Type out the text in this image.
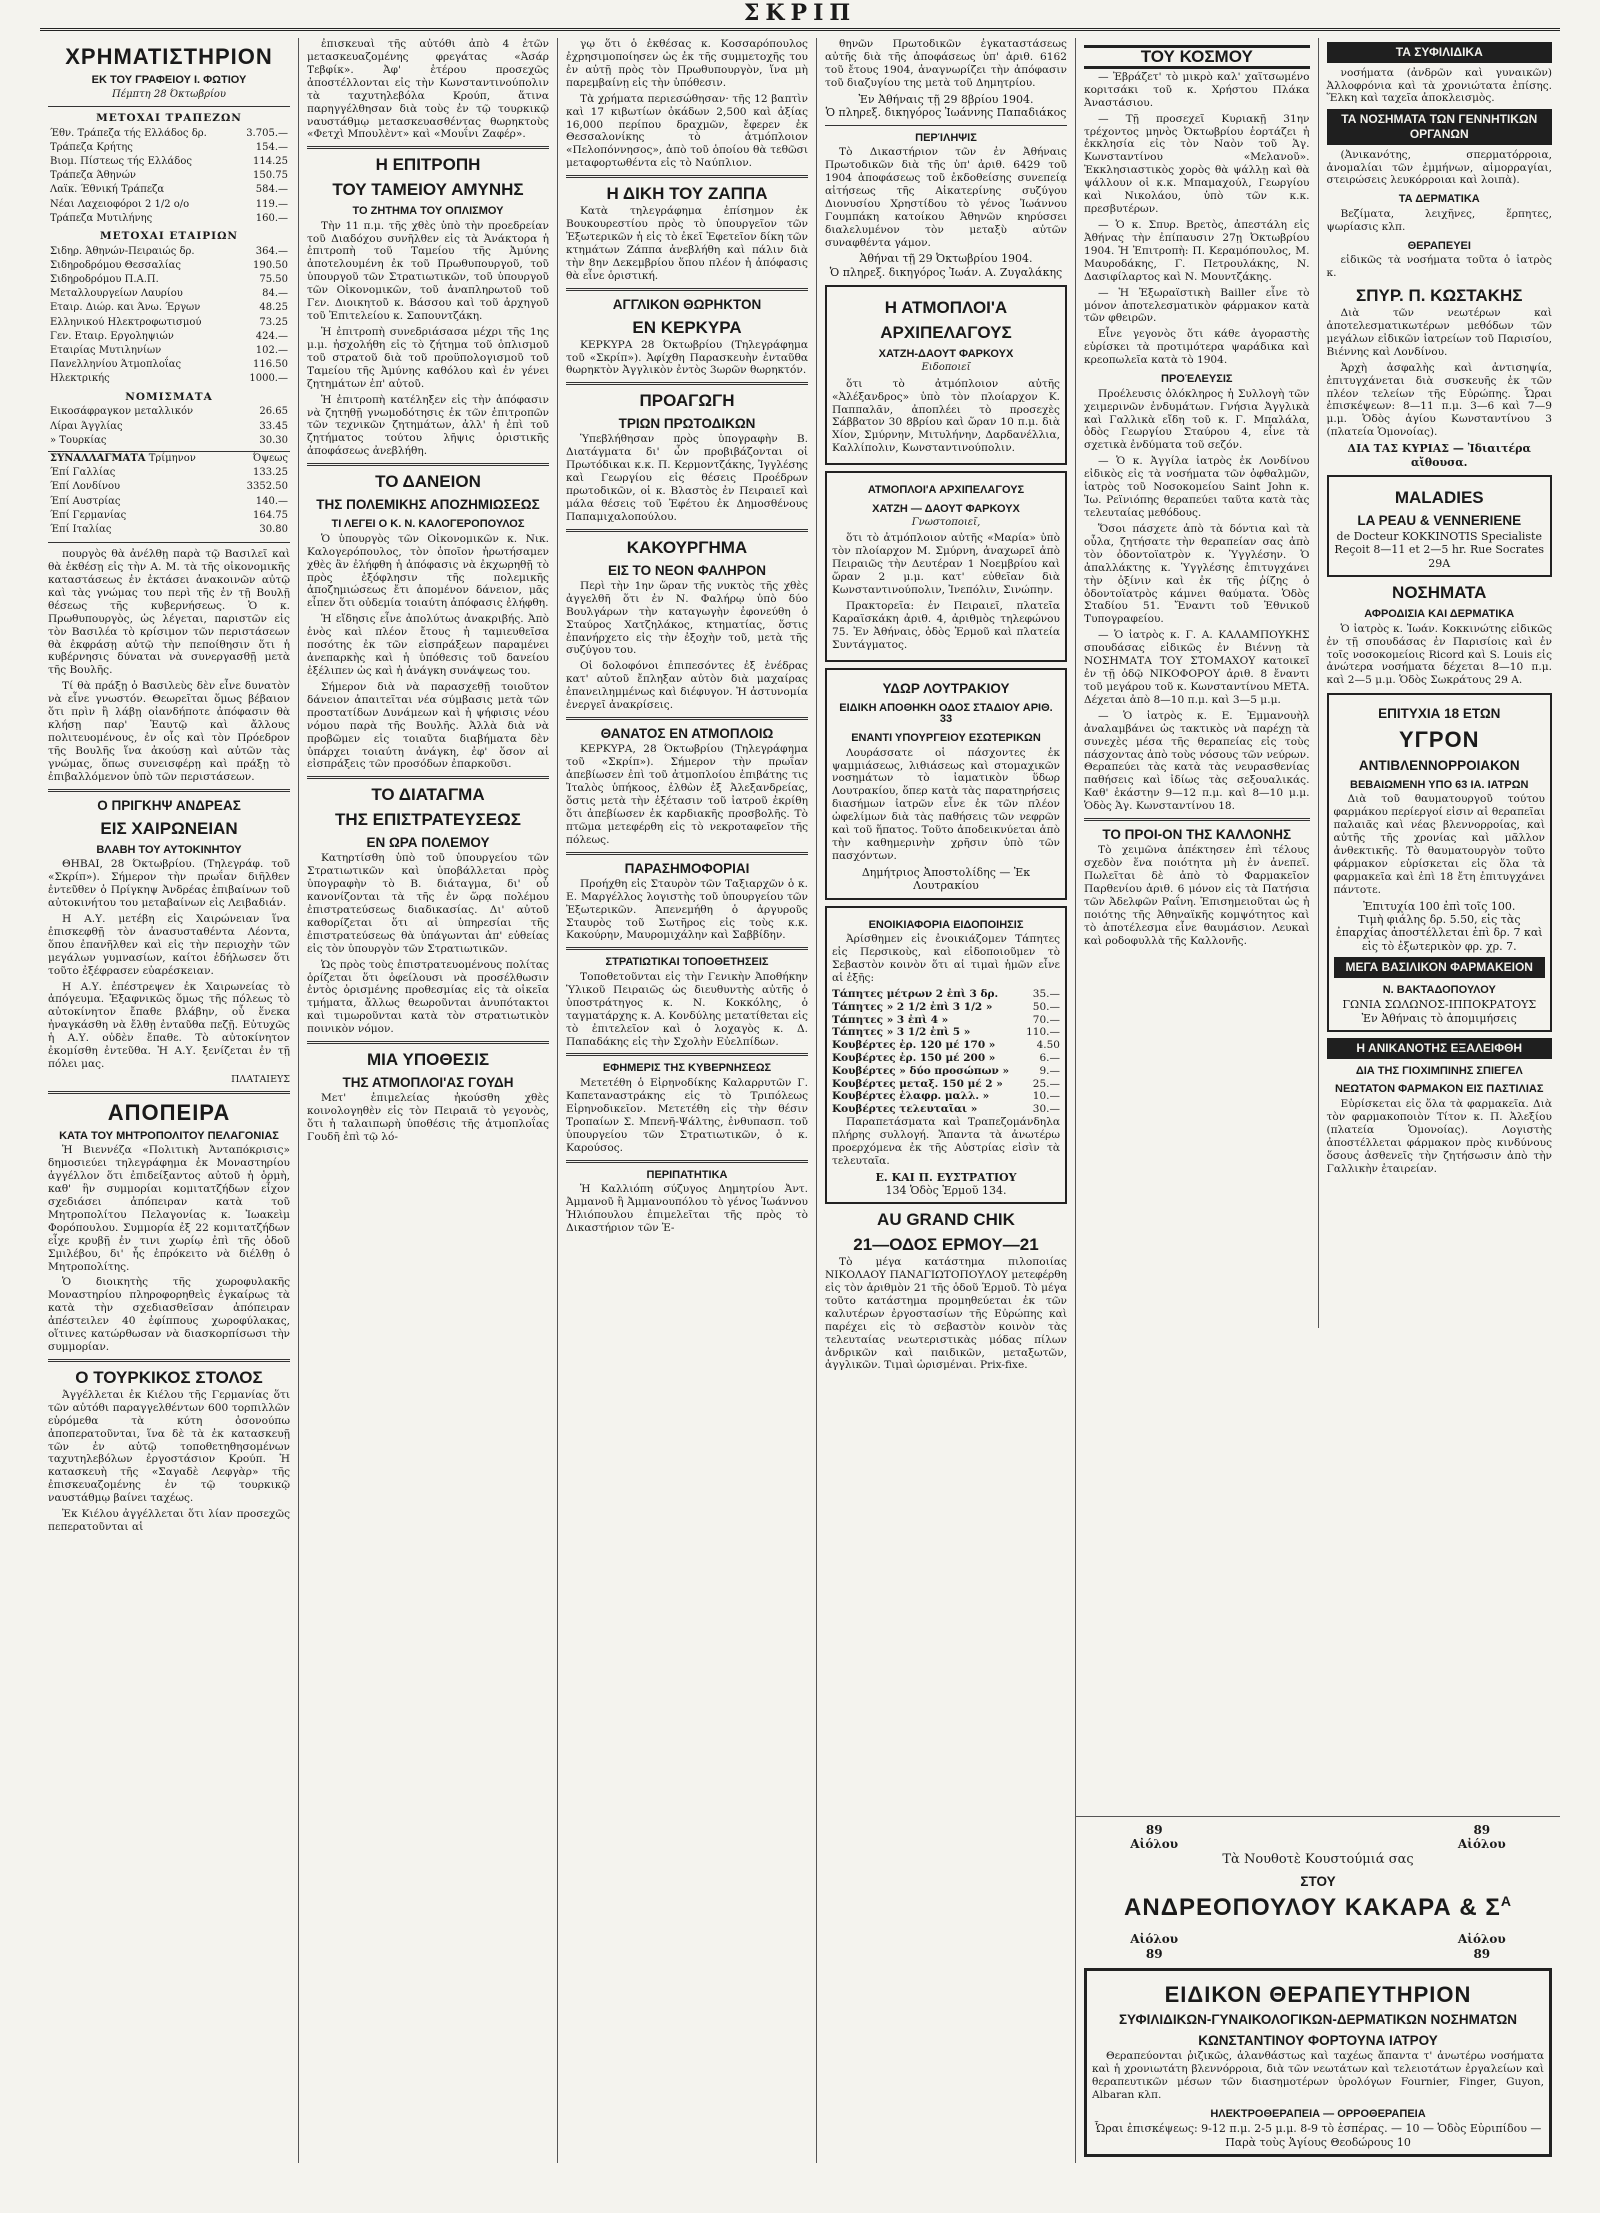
ΣΚΡΙΠ
ΧΡΗΜΑΤΙΣΤΗΡΙΟΝ
ΕΚ ΤΟΥ ΓΡΑΦΕΙΟΥ Ι. ΦΩΤΙΟΥ
Πέμπτη 28 Όκτωβρίου
ΜΕΤΟΧΑΙ ΤΡΑΠΕΖΩΝ
Έθν. Τράπεζα τής Ελλάδος δρ.	3.705.—
Τράπεζα Κρήτης	154.—
Βιομ. Πίστεως τής Ελλάδος	114.25
Τράπεζα Άθηνών	150.75
Λαϊκ. Έθνική Τράπεζα	584.—
Νέαι Λαχειοφόροι 2 1/2 ο/ο	119.—
Τράπεζα Μυτιλήνης	160.—
ΜΕΤΟΧΑΙ ΕΤΑΙΡΙΩΝ
Σιδηρ. Άθηνών-Πειραιώς δρ.	364.—
Σιδηροδρόμου Θεσσαλίας	190.50
Σιδηροδρόμου Π.Α.Π.	75.50
Μεταλλουργείων Λαυρίου	84.—
Εταιρ. Διώρ. και Άνω. Έργων	48.25
Ελληνικού Ηλεκτροφωτισμού	73.25
Γεν. Εταιρ. Εργοληψιών	424.—
Εταιρίας Μυτιληνίων	102.—
Πανελληνίου Άτμοπλοΐας	116.50
Ηλεκτρικής	1000.—
ΝΟΜΙΣΜΑΤΑ
Εικοσάφραγκον μεταλλικόν	26.65
Λίραι Άγγλίας	33.45
» Τουρκίας	30.30
ΣΥΝΑΛΛΑΓΜΑΤΑ Τρίμηνον	Όψεως
Έπί Γαλλίας	133.25
Έπί Λονδίνου	3352.50
Έπί Αυστρίας	140.—
Έπί Γερμανίας	164.75
Έπί Ιταλίας	30.80

πουργὸς θὰ ἀνέλθῃ παρὰ τῷ Βασιλεῖ καὶ θὰ ἐκθέσῃ εἰς τὴν Α. Μ. τὰ τῆς οἰκονομικῆς καταστάσεως ἐν ἐκτάσει ἀνακοινῶν αὐτῷ καὶ τὰς γνώμας του περὶ τῆς ἐν τῇ Βουλῇ θέσεως τῆς κυβερνήσεως. Ὁ κ. Πρωθυπουργὸς, ὡς λέγεται, παριστῶν εἰς τὸν Βασιλέα τὸ κρίσιμον τῶν περιστάσεων θὰ ἐκφράσῃ αὐτῷ τὴν πεποίθησιν ὅτι ἡ κυβέρνησις δύναται νὰ συνεργασθῇ μετὰ τῆς Βουλῆς.

Τί θὰ πράξῃ ὁ Βασιλεὺς δὲν εἶνε δυνατὸν νὰ εἶνε γνωστόν. Θεωρεῖται ὅμως βέβαιον ὅτι πρὶν ἢ λάβῃ οἱανδήποτε ἀπόφασιν θὰ κλήσῃ παρ' Ἑαυτῷ καὶ ἄλλους πολιτευομένους, ἐν οἷς καὶ τὸν Πρόεδρον τῆς Βουλῆς ἵνα ἀκούσῃ καὶ αὐτῶν τὰς γνώμας, ὅπως συνεισφέρῃ καὶ πράξῃ τὸ ἐπιβαλλόμενον ὑπὸ τῶν περιστάσεων.

Ο ΠΡΙΓΚΗΨ ΑΝΔΡΕΑΣ
ΕΙΣ ΧΑΙΡΩΝΕΙΑΝ
ΒΛΑΒΗ ΤΟΥ ΑΥΤΟΚΙΝΗΤΟΥ

ΘΗΒΑΙ, 28 Όκτωβρίου. (Τηλεγράφ. τοῦ «Σκρίπ»). Σήμερον τὴν πρωΐαν διῆλθεν ἐντεῦθεν ὁ Πρίγκηψ Ἀνδρέας ἐπιβαίνων τοῦ αὐτοκινήτου του μεταβαίνων εἰς Λειβαδιάν.

Η Α.Υ. μετέβη εἰς Χαιρώνειαν ἵνα ἐπισκεφθῇ τὸν ἀνασυσταθέντα Λέοντα, ὅπου ἐπανῆλθεν καὶ εἰς τὴν περιοχὴν τῶν μεγάλων γυμνασίων, καίτοι ἐδήλωσεν ὅτι τοῦτο ἐξέφρασεν εὐαρέσκειαν.

Η Α.Υ. ἐπέστρεψεν ἐκ Χαιρωνείας τὸ ἀπόγευμα. Ἐξαφνικῶς ὅμως τῆς πόλεως τὸ αὐτοκίνητον ἔπαθε βλάβην, οὗ ἕνεκα ἠναγκάσθη νὰ ἔλθῃ ἐνταῦθα πεζῇ. Εὐτυχῶς ἡ Α.Υ. οὐδὲν ἔπαθε. Τὸ αὐτοκίνητον ἐκομίσθη ἐντεῦθα. Ἡ Α.Υ. ξενίζεται ἐν τῇ πόλει μας.

ΠΛΑΤΑΙΕΥΣ
ΑΠΟΠΕΙΡΑ
ΚΑΤΑ ΤΟΥ ΜΗΤΡΟΠΟΛΙΤΟΥ ΠΕΛΑΓΟΝΙΑΣ

Ἡ Βιεννέζα «Πολιτικὴ Ἀνταπόκρισις» δημοσιεύει τηλεγράφημα ἐκ Μοναστηρίου ἀγγέλλον ὅτι ἐπιδείξαντος αὐτοῦ ἡ ὁρμὴ, καθ' ἣν συμμορίαι κομιτατζήδων εἶχον σχεδιάσει ἀπόπειραν κατὰ τοῦ Μητροπολίτου Πελαγονίας κ. Ἰωακεὶμ Φορόπουλου. Συμμορία ἐξ 22 κομιτατζήδων εἶχε κρυβῇ ἐν τινι χωρίῳ ἐπὶ τῆς ὁδοῦ Σμιλέβου, δι' ἧς ἐπρόκειτο νὰ διέλθῃ ὁ Μητροπολίτης.

Ὁ διοικητὴς τῆς χωροφυλακῆς Μοναστηρίου πληροφορηθεὶς ἐγκαίρως τὰ κατὰ τὴν σχεδιασθεῖσαν ἀπόπειραν ἀπέστειλεν 40 ἐφίππους χωροφύλακας, οἵτινες κατώρθωσαν νὰ διασκορπίσωσι τὴν συμμορίαν.

Ο ΤΟΥΡΚΙΚΟΣ ΣΤΟΛΟΣ

Ἀγγέλλεται ἐκ Κιέλου τῆς Γερμανίας ὅτι τῶν αὐτόθι παραγγελθέντων 600 τορπιλλῶν εὑρόμεθα τὰ κύτη ὁσονούπω ἀποπερατοῦνται, ἵνα δὲ τὰ ἐκ κατασκευῇ τῶν ἐν αὐτῷ τοποθετηθησομένων ταχυτηλεβόλων ἐργοστάσιον Κρούπ. Ἡ κατασκευὴ τῆς «Σαγαδὲ Λεφγὰρ» τῆς ἐπισκευαζομένης ἐν τῷ τουρκικῷ ναυστάθμῳ βαίνει ταχέως.

Ἐκ Κιέλου ἀγγέλλεται ὅτι λίαν προσεχῶς πεπερατοῦνται αἱ

ἐπισκευαὶ τῆς αὐτόθι ἀπὸ 4 ἐτῶν μετασκευαζομένης φρεγάτας «Ἀσάρ Τεβφίκ». Ἀφ' ἑτέρου προσεχῶς ἀποστέλλονται εἰς τὴν Κωνσταντινούπολιν τὰ ταχυτηλεβόλα Κρούπ, ἅτινα παρηγγέλθησαν διὰ τοὺς ἐν τῷ τουρκικῷ ναυστάθμῳ μετασκευασθέντας θωρηκτοὺς «Φετχὶ Μπουλὲντ» καὶ «Μουΐνι Ζαφέρ».

Η ΕΠΙΤΡΟΠΗ
ΤΟΥ ΤΑΜΕΙΟΥ ΑΜΥΝΗΣ
ΤΟ ΖΗΤΗΜΑ ΤΟΥ ΟΠΛΙΣΜΟΥ

Τὴν 11 π.μ. τῆς χθὲς ὑπὸ τὴν προεδρείαν τοῦ Διαδόχου συνῆλθεν εἰς τὰ Ἀνάκτορα ἡ ἐπιτροπὴ τοῦ Ταμείου τῆς Ἀμύνης ἀποτελουμένη ἐκ τοῦ Πρωθυπουργοῦ, τοῦ ὑπουργοῦ τῶν Στρατιωτικῶν, τοῦ ὑπουργοῦ τῶν Οἰκονομικῶν, τοῦ ἀναπληρωτοῦ τοῦ Γεν. Διοικητοῦ κ. Βάσσου καὶ τοῦ ἀρχηγοῦ τοῦ Ἐπιτελείου κ. Σαπουντζάκη.

Ἡ ἐπιτροπὴ συνεδριάσασα μέχρι τῆς 1ης μ.μ. ἠσχολήθη εἰς τὸ ζήτημα τοῦ ὁπλισμοῦ τοῦ στρατοῦ διὰ τοῦ προϋπολογισμοῦ τοῦ Ταμείου τῆς Ἀμύνης καθόλου καὶ ἐν γένει ζητημάτων ἐπ' αὐτοῦ.

Ἡ ἐπιτροπὴ κατέληξεν εἰς τὴν ἀπόφασιν νὰ ζητηθῇ γνωμοδότησις ἐκ τῶν ἐπιτροπῶν τῶν τεχνικῶν ζητημάτων, ἀλλ' ἡ ἐπὶ τοῦ ζητήματος τούτου λῆψις ὁριστικῆς ἀποφάσεως ἀνεβλήθη.

ΤΟ ΔΑΝΕΙΟΝ
ΤΗΣ ΠΟΛΕΜΙΚΗΣ ΑΠΟΖΗΜΙΩΣΕΩΣ
ΤΙ ΛΕΓΕΙ Ο Κ. Ν. ΚΑΛΟΓΕΡΟΠΟΥΛΟΣ

Ὁ ὑπουργὸς τῶν Οἰκονομικῶν κ. Νικ. Καλογερόπουλος, τὸν ὁποῖον ἠρωτήσαμεν χθὲς ἂν ἐλήφθη ἡ ἀπόφασις νὰ ἐκχωρηθῇ τὸ πρὸς ἐξόφλησιν τῆς πολεμικῆς ἀποζημιώσεως ἔτι ἀπομένον δάνειον, μᾶς εἶπεν ὅτι οὐδεμία τοιαύτη ἀπόφασις ἐλήφθη.

Ἡ εἴδησις εἶνε ἀπολύτως ἀνακριβής. Ἀπὸ ἑνὸς καὶ πλέον ἔτους ἡ ταμιευθεῖσα ποσότης ἐκ τῶν εἰσπράξεων παραμένει ἀνεπαρκὴς καὶ ἡ ὑπόθεσις τοῦ δανείου ἐξέλιπεν ὡς καὶ ἡ ἀνάγκη συνάψεως του.

Σήμερον διὰ νὰ παρασχεθῇ τοιοῦτον δάνειον ἀπαιτεῖται νέα σύμβασις μετὰ τῶν προστατίδων Δυνάμεων καὶ ἡ ψήφισις νέου νόμου παρὰ τῆς Βουλῆς. Ἀλλὰ διὰ νὰ προβῶμεν εἰς τοιαῦτα διαβήματα δὲν ὑπάρχει τοιαύτη ἀνάγκη, ἐφ' ὅσον αἱ εἰσπράξεις τῶν προσόδων ἐπαρκοῦσι.

ΤΟ ΔΙΑΤΑΓΜΑ
ΤΗΣ ΕΠΙΣΤΡΑΤΕΥΣΕΩΣ
ΕΝ ΩΡΑ ΠΟΛΕΜΟΥ

Κατηρτίσθη ὑπὸ τοῦ ὑπουργείου τῶν Στρατιωτικῶν καὶ ὑποβάλλεται πρὸς ὑπογραφὴν τὸ Β. διάταγμα, δι' οὗ κανονίζονται τὰ τῆς ἐν ὥρᾳ πολέμου ἐπιστρατεύσεως διαδικασίας. Δι' αὐτοῦ καθορίζεται ὅτι αἱ ὑπηρεσίαι τῆς ἐπιστρατεύσεως θὰ ὑπάγωνται ἀπ' εὐθείας εἰς τὸν ὑπουργὸν τῶν Στρατιωτικῶν.

Ὡς πρὸς τοὺς ἐπιστρατευομένους πολίτας ὁρίζεται ὅτι ὁφείλουσι νὰ προσέλθωσιν ἐντὸς ὁρισμένης προθεσμίας εἰς τὰ οἰκεῖα τμήματα, ἄλλως θεωροῦνται ἀνυπότακτοι καὶ τιμωροῦνται κατὰ τὸν στρατιωτικὸν ποινικὸν νόμον.

ΜΙΑ ΥΠΟΘΕΣΙΣ
ΤΗΣ ΑΤΜΟΠΛΟΙ'ΑΣ ΓΟΥΔΗ

Μετ' ἐπιμελείας ἠκούσθη χθὲς κοινολογηθὲν εἰς τὸν Πειραιᾶ τὸ γεγονὸς, ὅτι ἡ ταλαιπωρὴ ὑποθέσις τῆς ἀτμοπλοΐας Γουδῆ ἐπὶ τῷ λό-

γῳ ὅτι ὁ ἐκθέσας κ. Κοσσαρόπουλος ἐχρησιμοποίησεν ὡς ἐκ τῆς συμμετοχῆς του ἐν αὐτῇ πρὸς τὸν Πρωθυπουργὸν, ἵνα μὴ παρεμβαίνῃ εἰς τὴν ὑπόθεσιν.

Τὰ χρήματα περιεσώθησαν· τῆς 12 βαπτὶν καὶ 17 κιβωτίων ὀκάδων 2,500 καὶ ἀξίας 16,000 περίπου δραχμῶν, ἔφερεν ἐκ Θεσσαλονίκης τὸ ἀτμόπλοιον «Πελοπόννησος», ἀπὸ τοῦ ὁποίου θὰ τεθῶσι μεταφορτωθέντα εἰς τὸ Ναύπλιον.

Η ΔΙΚΗ ΤΟΥ ΖΑΠΠΑ

Κατὰ τηλεγράφημα ἐπίσημον ἐκ Βουκουρεστίου πρὸς τὸ ὑπουργεῖον τῶν Ἐξωτερικῶν ἡ εἰς τὸ ἐκεῖ Ἐφετεῖον δίκη τῶν κτημάτων Ζάππα ἀνεβλήθη καὶ πάλιν διὰ τὴν 8ην Δεκεμβρίου ὅπου πλέον ἡ ἀπόφασις θὰ εἶνε ὁριστική.

ΑΓΓΛΙΚΟΝ ΘΩΡΗΚΤΟΝ
ΕΝ ΚΕΡΚΥΡΑ

ΚΕΡΚΥΡΑ 28 Όκτωβρίου (Τηλεγράφημα τοῦ «Σκρίπ»). Ἀφίχθη Παρασκευὴν ἐνταῦθα θωρηκτὸν Ἀγγλικὸν ἐντὸς 3ωρῶν θωρηκτόν.

ΠΡΟΑΓΩΓΗ
ΤΡΙΩΝ ΠΡΩΤΟΔΙΚΩΝ

Ὑπεβλήθησαν πρὸς ὑπογραφὴν Β. Διατάγματα δι' ὧν προβιβάζονται οἱ Πρωτόδικαι κ.κ. Π. Κερμοντζάκης, Ἰγγλέσης καὶ Γεωργίου εἰς θέσεις Προέδρων πρωτοδικῶν, οἱ κ. Βλαστὸς ἐν Πειραιεῖ καὶ μάλα θέσεις τοῦ Ἐφέτου ἐκ Δημοσθένους Παπαμιχαλοπούλου.

ΚΑΚΟΥΡΓΗΜΑ
ΕΙΣ ΤΟ ΝΕΟΝ ΦΑΛΗΡΟΝ

Περὶ τὴν 1ην ὥραν τῆς νυκτὸς τῆς χθὲς ἀγγελθῆ ὅτι ἐν Ν. Φαλήρῳ ὑπὸ δύο Βουλγάρων τὴν καταγωγὴν ἐφονεύθη ὁ Σταύρος Χατζηλάκος, κτηματίας, ὅστις ἐπανήρχετο εἰς τὴν ἐξοχὴν τοῦ, μετὰ τῆς συζύγου του.

Οἱ δολοφόνοι ἐπιπεσόντες ἐξ ἐνέδρας κατ' αὐτοῦ ἔπληξαν αὐτὸν διὰ μαχαίρας ἐπανειλημμένως καὶ διέφυγον. Ἡ ἀστυνομία ἐνεργεῖ ἀνακρίσεις.

ΘΑΝΑΤΟΣ ΕΝ ΑΤΜΟΠΛΟΙΩ

ΚΕΡΚΥΡΑ, 28 Όκτωβρίου (Τηλεγράφημα τοῦ «Σκρίπ»). Σήμερον τὴν πρωΐαν ἀπεβίωσεν ἐπὶ τοῦ ἀτμοπλοίου ἐπιβάτης τις Ἰταλὸς ὑπήκοος, ἐλθὼν ἐξ Ἀλεξανδρείας, ὅστις μετὰ τὴν ἐξέτασιν τοῦ ἰατροῦ ἐκρίθη ὅτι ἀπεβίωσεν ἐκ καρδιακῆς προσβολῆς. Τὸ πτῶμα μετεφέρθη εἰς τὸ νεκροταφεῖον τῆς πόλεως.

ΠΑΡΑΣΗΜΟΦΟΡΙΑΙ

Προήχθη εἰς Σταυρὸν τῶν Ταξιαρχῶν ὁ κ. Ε. Μαργέλλος λογιστὴς τοῦ ὑπουργείου τῶν Ἐξωτερικῶν. Ἀπενεμήθη ὁ ἀργυροῦς Σταυρὸς τοῦ Σωτῆρος εἰς τοὺς κ.κ. Κακούρην, Μαυρομιχάλην καὶ Σαββίδην.

ΣΤΡΑΤΙΩΤΙΚΑΙ ΤΟΠΟΘΕΤΗΣΕΙΣ

Τοποθετοῦνται εἰς τὴν Γενικὴν Ἀποθήκην Ὑλικοῦ Πειραιῶς ὡς διευθυντὴς αὐτῆς ὁ ὑποστράτηγος κ. Ν. Κοκκόλης, ὁ ταγματάρχης κ. Α. Κονδύλης μετατίθεται εἰς τὸ ἐπιτελεῖον καὶ ὁ λοχαγὸς κ. Δ. Παπαδάκης εἰς τὴν Σχολὴν Εὐελπίδων.

ΕΦΗΜΕΡΙΣ ΤΗΣ ΚΥΒΕΡΝΗΣΕΩΣ

Μετετέθη ὁ Εἰρηνοδίκης Καλαρρυτῶν Γ. Καπεταναστράκης εἰς τὸ Τριπόλεως Εἰρηνοδικεῖον. Μετετέθη εἰς τὴν θέσιν Τροπαίων Σ. Μπενῆ-Ψάλτης, ἐνθυπασπ. τοῦ ὑπουργείου τῶν Στρατιωτικῶν, ὁ κ. Καρούσος.

ΠΕΡΙΠΑΤΗΤΙΚΑ

Ἡ Καλλιόπη σύζυγος Δημητρίου Ἀντ. Ἀμμανοῦ ἢ Ἀμμανουπόλου τὸ γένος Ἰωάννου Ἠλιόπουλου ἐπιμελεῖται τῆς πρὸς τὸ Δικαστήριον τῶν Ἐ-

θηνῶν Πρωτοδικῶν ἐγκαταστάσεως αὐτῆς διὰ τῆς ἀποφάσεως ὑπ' ἀριθ. 6162 τοῦ ἔτους 1904, ἀναγνωρίζει τὴν ἀπόφασιν τοῦ διαζυγίου της μετὰ τοῦ Δημητρίου.

Ἐν Ἀθήναις τῇ 29 8βρίου 1904.
Ὁ πληρεξ. δικηγόρος Ἰωάννης Παπαδιάκος
ΠΕΡΊΛΗΨΙΣ

Τὸ Δικαστήριον τῶν ἐν Ἀθήναις Πρωτοδικῶν διὰ τῆς ὑπ' ἀριθ. 6429 τοῦ 1904 ἀποφάσεως τοῦ ἐκδοθείσης συνεπείᾳ αἰτήσεως τῆς Αἰκατερίνης συζύγου Διονυσίου Χρηστίδου τὸ γένος Ἰωάννου Γουμπάκη κατοίκου Ἀθηνῶν κηρύσσει διαλελυμένον τὸν μεταξὺ αὐτῶν συναφθέντα γάμον.

Ἀθήναι τῇ 29 Ὀκτωβρίου 1904.
Ὁ πληρεξ. δικηγόρος Ἰωάν. Α. Ζυγαλάκης
Η ΑΤΜΟΠΛΟΙ'Α
ΑΡΧΙΠΕΛΑΓΟΥΣ
ΧΑΤΖΗ-ΔΑΟΥΤ ΦΑΡΚΟΥΧ
Ειδοποιεῖ

ὅτι τὸ ἀτμόπλοιον αὐτῆς «Ἀλέξανδρος» ὑπὸ τὸν πλοίαρχον Κ. Παππαλᾶν, ἀποπλέει τὸ προσεχὲς Σάββατον 30 8βρίου καὶ ὥραν 10 π.μ. διὰ Χίον, Σμύρνην, Μιτυλήνην, Δαρδανέλλια, Καλλίπολιν, Κωνσταντινούπολιν.

ΑΤΜΟΠΛΟΙ'Α ΑΡΧΙΠΕΛΑΓΟΥΣ
ΧΑΤΖΗ — ΔΑΟΥΤ ΦΑΡΚΟΥΧ
Γνωστοποιεῖ,

ὅτι τὸ ἀτμόπλοιον αὐτῆς «Μαρία» ὑπὸ τὸν πλοίαρχον Μ. Σμύρνη, ἀναχωρεῖ ἀπὸ Πειραιῶς τὴν Δευτέραν 1 Νοεμβρίου καὶ ὥραν 2 μ.μ. κατ' εὐθεῖαν διὰ Κωνσταντινούπολιν, Ἰνεπόλιν, Σινώπην.

Πρακτορεῖα: ἐν Πειραιεῖ, πλατεῖα Καραϊσκάκη ἀριθ. 4, ἀριθμὸς τηλεφώνου 75. Ἐν Ἀθήναις, ὁδὸς Ἑρμοῦ καὶ πλατεία Συντάγματος.

ΥΔΩΡ ΛΟΥΤΡΑΚΙΟΥ
ΕΙΔΙΚΗ ΑΠΟΘΗΚΗ ΟΔΟΣ ΣΤΑΔΙΟΥ ΑΡΙΘ. 33
ΕΝΑΝΤΙ ΥΠΟΥΡΓΕΙΟΥ ΕΣΩΤΕΡΙΚΩΝ

Λουράσσατε οἱ πάσχοντες ἐκ ψαμμιάσεως, λιθιάσεως καὶ στομαχικῶν νοσημάτων τὸ ἰαματικὸν ὕδωρ Λουτρακίου, ὅπερ κατὰ τὰς παρατηρήσεις διασήμων ἰατρῶν εἶνε ἐκ τῶν πλέον ὠφελίμων διὰ τὰς παθήσεις τῶν νεφρῶν καὶ τοῦ ἥπατος. Τοῦτο ἀποδεικνύεται ἀπὸ τὴν καθημερινὴν χρῆσιν ὑπὸ τῶν πασχόντων.

Δημήτριος Ἀποστολίδης — Ἐκ Λουτρακίου
ΕΝΟΙΚΙΑΦΟΡΙΑ ΕΙΔΟΠΟΙΗΣΙΣ

Ἀρίσθημεν εἰς ἐνοικιάζομεν Τάπητες εἰς Περσικοὺς, καὶ εἰδοποιοῦμεν τὸ Σεβαστὸν κοινὸν ὅτι αἱ τιμαὶ ἡμῶν εἶνε αἱ ἑξῆς:

Τάπητες μέτρων 2 ἐπὶ 3 δρ.	35.—
Τάπητες » 2 1/2 ἐπὶ 3 1/2 »	50.—
Τάπητες » 3 ἐπὶ 4 »	70.—
Τάπητες » 3 1/2 ἐπὶ 5 »	110.—
Κουβέρτες ἐρ. 120 μέ 170 »	4.50
Κουβέρτες ἐρ. 150 μέ 200 »	6.—
Κουβέρτες » δύο προσώπων »	9.—
Κουβέρτες μεταξ. 150 μέ 2 »	25.—
Κουβέρτες ἐλαφρ. μαλλ. »	10.—
Κουβέρτες τελευταῖαι »	30.—

Παραπετάσματα καὶ Τραπεζομάνδηλα πλήρης συλλογή. Ἅπαντα τὰ ἀνωτέρω προερχόμενα ἐκ τῆς Αὐστρίας εἰσὶν τὰ τελευταῖα.

Ε. ΚΑΙ Π. ΕΥΣΤΡΑΤΙΟΥ
134 Ὁδὸς Ἑρμοῦ 134.
AU GRAND CHIK
21—ΟΔΟΣ ΕΡΜΟΥ—21

Τὸ μέγα κατάστημα πιλοποιίας ΝΙΚΟΛΑΟΥ ΠΑΝΑΓΙΩΤΟΠΟΥΛΟΥ μετεφέρθη εἰς τὸν ἀριθμὸν 21 τῆς ὁδοῦ Ἑρμοῦ. Τὸ μέγα τοῦτο κατάστημα προμηθεύεται ἐκ τῶν καλυτέρων ἐργοστασίων τῆς Εὐρώπης καὶ παρέχει εἰς τὸ σεβαστὸν κοινὸν τὰς τελευταίας νεωτεριστικὰς μόδας πίλων ἀνδρικῶν καὶ παιδικῶν, μεταξωτῶν, ἀγγλικῶν. Τιμαὶ ὡρισμέναι. Prix-fixe.

ΤΟΥ ΚΟΣΜΟΥ

— Ἐβράζετ' τὸ μικρὸ καλ' χαϊτσωμένο κοριτσάκι τοῦ κ. Χρήστου Πλάκα Ἀναστάσιου.

— Τῇ προσεχεῖ Κυριακῇ 31ην τρέχοντος μηνὸς Ὀκτωβρίου ἑορτάζει ἡ ἐκκλησία εἰς τὸν Ναὸν τοῦ Ἁγ. Κωνσταντίνου «Μελανοῦ». Ἐκκλησιαστικὸς χορὸς θὰ ψάλλῃ καὶ θὰ ψάλλουν οἱ κ.κ. Μπαμαχούλ, Γεωργίου καὶ Νικολάου, ὑπὸ τῶν κ.κ. πρεσβυτέρων.

— Ὁ κ. Σπυρ. Βρετὸς, ἀπεστάλη εἰς Ἀθήνας τὴν ἐπίπαυσιν 27ῃ Ὀκτωβρίου 1904. Ἡ Ἐπιτροπὴ: Π. Κεραμόπουλος, Μ. Μαυροδάκης, Γ. Πετρουλάκης, Ν. Δασιφίλαρτος καὶ Ν. Μουντζάκης.

— Ἡ Ἐξωραϊστικὴ Bailler εἶνε τὸ μόνον ἀποτελεσματικὸν φάρμακον κατὰ τῶν φθειρῶν.

Εἶνε γεγονὸς ὅτι κάθε ἀγοραστὴς εὑρίσκει τὰ προτιμότερα ψαράδικα καὶ κρεοπωλεῖα κατὰ τὸ 1904.

ΠΡΟΈΛΕΥΣΙΣ

Προέλευσις ὁλόκληρος ἡ Συλλογὴ τῶν χειμερινῶν ἐνδυμάτων. Γνήσια Ἀγγλικὰ καὶ Γαλλικὰ εἴδη τοῦ κ. Γ. Μπαλάλα, ὁδὸς Γεωργίου Σταύρου 4, εἶνε τὰ σχετικὰ ἐνδύματα τοῦ σεζόν.

— Ὁ κ. Ἀγγίλα ἰατρὸς ἐκ Λονδίνου εἰδικὸς εἰς τὰ νοσήματα τῶν ὀφθαλμῶν, ἰατρὸς τοῦ Νοσοκομείου Saint John κ. Ἰω. Ρεϊνιόπης θεραπεύει ταῦτα κατὰ τὰς τελευταίας μεθόδους.

Ὅσοι πάσχετε ἀπὸ τὰ δόντια καὶ τὰ οὖλα, ζητήσατε τὴν θεραπείαν σας ἀπὸ τὸν ὀδοντοϊατρὸν κ. Ὑγγλέσην. Ὁ ἀπαλλάκτης κ. Ὑγγλέσης ἐπιτυγχάνει τὴν ὀξίνιν καὶ ἐκ τῆς ῥίζης ὁ ὀδοντοϊατρὸς κάμνει θαύματα. Ὁδὸς Σταδίου 51. Ἔναντι τοῦ Ἐθνικοῦ Τυπογραφείου.

— Ὁ ἰατρὸς κ. Γ. Α. ΚΑΛΑΜΠΟΥΚΗΣ σπουδάσας εἰδικῶς ἐν Βιέννῃ τὰ ΝΟΣΗΜΑΤΑ ΤΟΥ ΣΤΟΜΑΧΟΥ κατοικεῖ ἐν τῇ ὁδῷ ΝΙΚΟΦΟΡΟΥ ἀριθ. 8 ἔναντι τοῦ μεγάρου τοῦ κ. Κωνσταντίνου ΜΕΤΑ. Δέχεται ἀπὸ 8—10 π.μ. καὶ 3—5 μ.μ.

— Ὁ ἰατρὸς κ. Ε. Ἐμμανουὴλ ἀναλαμβάνει ὡς τακτικὸς νὰ παρέχῃ τὰ συνεχὲς μέσα τῆς θεραπείας εἰς τοὺς πάσχοντας ἀπὸ τοὺς νόσους τῶν νεύρων. Θεραπεύει τὰς κατὰ τὰς νευρασθενίας παθήσεις καὶ ἰδίως τὰς σεξουαλικάς. Καθ' ἑκάστην 9—12 π.μ. καὶ 8—10 μ.μ. Ὁδὸς Ἁγ. Κωνσταντίνου 18.

ΤΟ ΠΡΟΙ-ΟΝ ΤΗΣ ΚΑΛΛΟΝΗΣ

Τὸ χειμῶνα ἀπέκτησεν ἐπὶ τέλους σχεδὸν ἕνα ποιότητα μὴ ἐν ἀνεπεῖ. Πωλεῖται δὲ ἀπὸ τὸ Φαρμακεῖον Παρθενίου ἀριθ. 6 μόνον εἰς τὰ Πατήσια τῶν Ἀδελφῶν Ραΐνη. Ἐπισημειοῦται ὡς ἡ ποιότης τῆς Ἀθηναϊκῆς κομψότητος καὶ τὸ ἀποτέλεσμα εἶνε θαυμάσιον. Λευκαὶ καὶ ροδοφυλλὰ τῆς Καλλονῆς.

ΤΑ ΣΥΦΙΛΙΔΙΚΑ

νοσήματα (ἀνδρῶν καὶ γυναικῶν) Ἀλλοφρόνια καὶ τὰ χρονιώτατα ἐπίσης. Ἕλκη καὶ ταχεῖα ἀποκλεισμὸς.

ΤΑ ΝΟΣΗΜΑΤΑ ΤΩΝ ΓΕΝΝΗΤΙΚΩΝ ΟΡΓΑΝΩΝ

(Ἀνικανότης, σπερματόρροια, ἀνομαλίαι τῶν ἐμμήνων, αἱμορραγίαι, στειρώσεις λευκόρροιαι καὶ λοιπὰ).

ΤΑ ΔΕΡΜΑΤΙΚΑ

Βεζίματα, λειχῆνες, ἕρπητες, ψωρίασις κλπ.

ΘΕΡΑΠΕΥΕΙ

εἰδικῶς τὰ νοσήματα τοῦτα ὁ ἰατρὸς κ.

ΣΠΥΡ. Π. ΚΩΣΤΑΚΗΣ

Διὰ τῶν νεωτέρων καὶ ἀποτελεσματικωτέρων μεθόδων τῶν μεγάλων εἰδικῶν ἰατρείων τοῦ Παρισίου, Βιέννης καὶ Λονδίνου.

Ἀρχὴ ἀσφαλὴς καὶ ἀντισηψία, ἐπιτυγχάνεται διὰ συσκευῆς ἐκ τῶν πλέον τελείων τῆς Εὐρώπης. Ὧραι ἐπισκέψεων: 8—11 π.μ. 3—6 καὶ 7—9 μ.μ. Ὁδὸς ἁγίου Κωνσταντίνου 3 (πλατεία Ὁμονοίας).

ΔΙΑ ΤΑΣ ΚΥΡΙΑΣ — Ἰδιαιτέρα αἴθουσα.
MALADIES
LA PEAU & VENNERIENE
de Docteur KOKKINOTIS Specialiste
Reçoit 8—11 et 2—5 hr. Rue Socrates 29A
ΝΟΣΗΜΑΤΑ
ΑΦΡΟΔΙΣΙΑ ΚΑΙ ΔΕΡΜΑΤΙΚΑ

Ὁ ἰατρὸς κ. Ἰωάν. Κοκκινώτης εἰδικῶς ἐν τῇ σπουδάσας ἐν Παρισίοις καὶ ἐν τοῖς νοσοκομείοις Ricord καὶ S. Louis εἰς ἀνώτερα νοσήματα δέχεται 8—10 π.μ. καὶ 2—5 μ.μ. Ὁδὸς Σωκράτους 29 Α.

ΕΠΙΤΥΧΙΑ 18 ΕΤΩΝ
ΥΓΡΟΝ
ΑΝΤΙΒΛΕΝΝΟΡΡΟΙΑΚΟΝ
ΒΕΒΑΙΩΜΕΝΗ ΥΠΟ 63 ΙΑ. ΙΑΤΡΩΝ

Διὰ τοῦ θαυματουργοῦ τούτου φαρμάκου περίεργοί εἰσιν αἱ θεραπεῖαι παλαιᾶς καὶ νέας βλεννορροίας, καὶ αὐτῆς τῆς χρονίας καὶ μᾶλλον ἀνθεκτικῆς. Τὸ θαυματουργὸν τοῦτο φάρμακον εὑρίσκεται εἰς ὅλα τὰ φαρμακεῖα καὶ ἐπὶ 18 ἔτη ἐπιτυγχάνει πάντοτε.

Ἐπιτυχία 100 ἐπὶ τοῖς 100.
Τιμὴ φιάλης δρ. 5.50, εἰς τὰς ἐπαρχίας ἀποστέλλεται ἐπὶ δρ. 7 καὶ εἰς τὸ ἐξωτερικὸν φρ. χρ. 7.
ΜΕΓΑ ΒΑΣΙΛΙΚΟΝ ΦΑΡΜΑΚΕΙΟΝ
Ν. ΒΑΚΤΑΔΟΠΟΥΛΟΥ
ΓΩΝΙΑ ΣΩΛΩΝΟΣ-ΙΠΠΟΚΡΑΤΟΥΣ
Ἐν Ἀθήναις τὸ ἀπομιμήσεις
Η ΑΝΙΚΑΝΟΤΗΣ ΕΞΑΛΕΙΦΘΗ
ΔΙΑ ΤΗΣ ΓΙΟΧΙΜΠΙΝΗΣ ΣΠΙΕΓΕΛ
ΝΕΩΤΑΤΟΝ ΦΑΡΜΑΚΟΝ ΕΙΣ ΠΑΣΤΙΛΙΑΣ

Εὑρίσκεται εἰς ὅλα τὰ φαρμακεῖα. Διὰ τὸν φαρμακοποιὸν Τίτον κ. Π. Ἀλεξίου (πλατεία Ὁμονοίας). Λογιστὴς ἀποστέλλεται φάρμακον πρὸς κινδύνους ὅσους ἀσθενεῖς τὴν ζητήσωσιν ἀπὸ τὴν Γαλλικὴν ἑταιρείαν.

89
Αἰόλου
89
Αἰόλου
Τὰ Νουθοτὲ Κουστούμιά σας
ΣΤΟΥ
ΑΝΔΡΕΟΠΟΥΛΟΥ ΚΑΚΑΡΑ & $\Sigma^A$
Αἰόλου
89
Αἰόλου
89
ΕΙΔΙΚΟΝ ΘΕΡΑΠΕΥΤΗΡΙΟΝ
ΣΥΦΙΛΙΔΙΚΩΝ-ΓΥΝΑΙΚΟΛΟΓΙΚΩΝ-ΔΕΡΜΑΤΙΚΩΝ ΝΟΣΗΜΑΤΩΝ
ΚΩΝΣΤΑΝΤΙΝΟΥ ΦΟΡΤΟΥΝΑ ΙΑΤΡΟΥ

Θεραπεύονται ῥιζικῶς, ἀλανθάστως καὶ ταχέως ἅπαντα τ' ἀνωτέρω νοσήματα καὶ ἡ χρονιωτάτη βλεννόρροια, διὰ τῶν νεωτάτων καὶ τελειοτάτων ἐργαλείων καὶ θεραπευτικῶν μέσων τῶν διασημοτέρων ὑρολόγων Fournier, Finger, Guyon, Albaran κλπ.

ΗΛΕΚΤΡΟΘΕΡΑΠΕΙΑ — ΟΡΡΟΘΕΡΑΠΕΙΑ
Ὧραι ἐπισκέψεως: 9-12 π.μ. 2-5 μ.μ. 8-9 τὸ ἑσπέρας. — 10 — Ὁδὸς Εὐριπίδου — Παρὰ τοὺς Ἁγίους Θεοδώρους 10
